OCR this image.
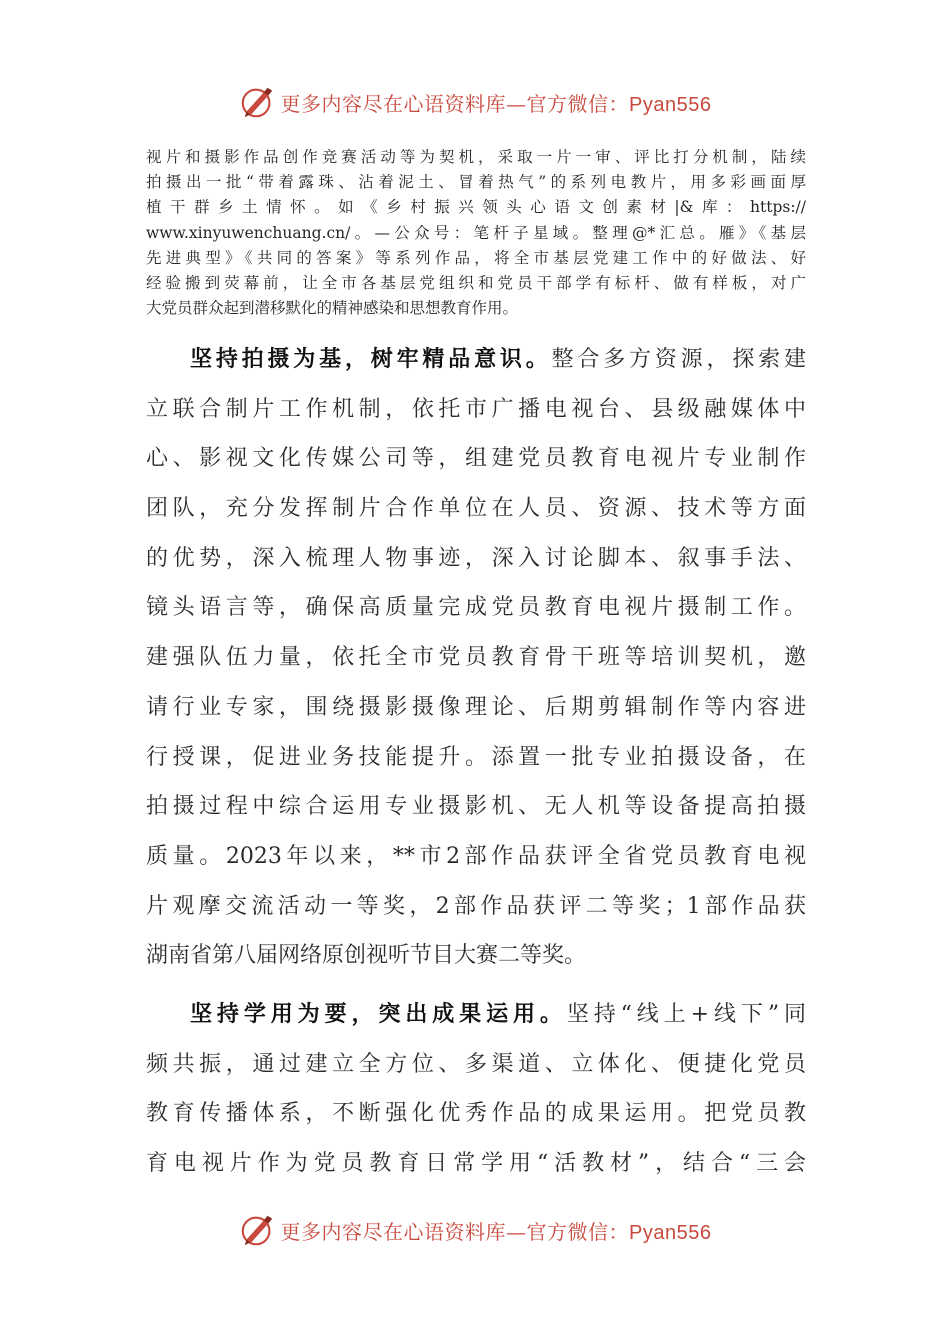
更多内容尽在心语资料库—官方微信：Pyan556
视片和摄影作品创作竞赛活动等为契机，采取一片一审、评比打分机制，陆续
拍摄出一批“带着露珠、沾着泥土、冒着热气”的系列电教片，用多彩画面厚
植干群乡土情怀。如《乡村振兴领头心语文创素材|&库：https://
www.xinyuwenchuang.cn/。—公众号：笔杆子星域。整理@*汇总。雁》《基层
先进典型》《共同的答案》等系列作品，将全市基层党建工作中的好做法、好
经验搬到荧幕前，让全市各基层党组织和党员干部学有标杆、做有样板，对广
大党员群众起到潜移默化的精神感染和思想教育作用。
坚持拍摄为基，树牢精品意识。整合多方资源，探索建
立联合制片工作机制，依托市广播电视台、县级融媒体中
心、影视文化传媒公司等，组建党员教育电视片专业制作
团队，充分发挥制片合作单位在人员、资源、技术等方面
的优势，深入梳理人物事迹，深入讨论脚本、叙事手法、
镜头语言等，确保高质量完成党员教育电视片摄制工作。
建强队伍力量，依托全市党员教育骨干班等培训契机，邀
请行业专家，围绕摄影摄像理论、后期剪辑制作等内容进
行授课，促进业务技能提升。添置一批专业拍摄设备，在
拍摄过程中综合运用专业摄影机、无人机等设备提高拍摄
质量。2023年以来，**市2部作品获评全省党员教育电视
片观摩交流活动一等奖，2部作品获评二等奖；1部作品获
湖南省第八届网络原创视听节目大赛二等奖。
坚持学用为要，突出成果运用。坚持“线上+线下”同
频共振，通过建立全方位、多渠道、立体化、便捷化党员
教育传播体系，不断强化优秀作品的成果运用。把党员教
育电视片作为党员教育日常学用“活教材”，结合“三会
更多内容尽在心语资料库—官方微信：Pyan556
